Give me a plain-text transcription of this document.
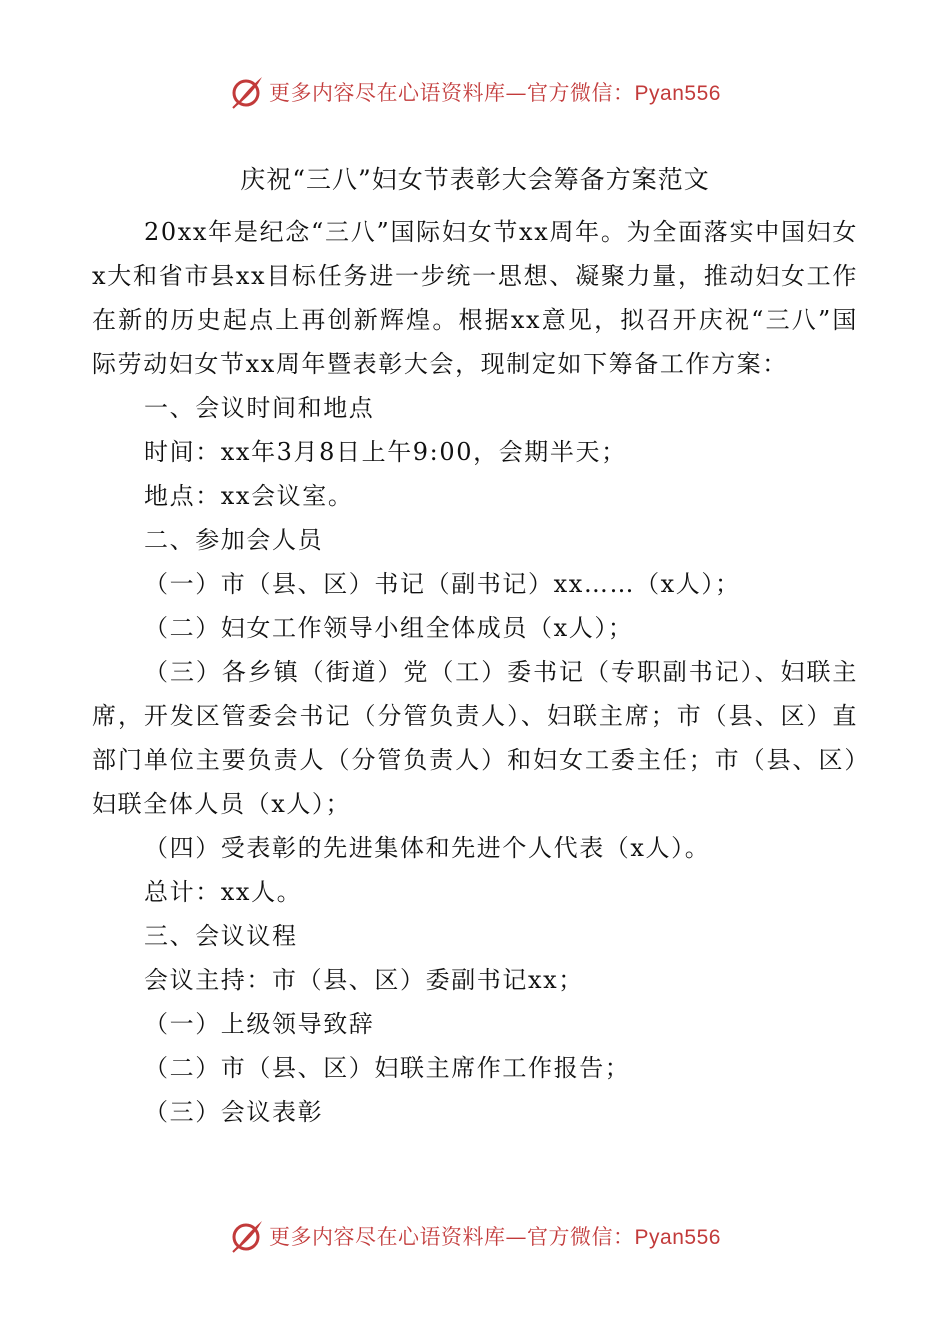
更多内容尽在心语资料库—官方微信：Pyan556
庆祝“三八”妇女节表彰大会筹备方案范文

20xx年是纪念“三八”国际妇女节xx周年。为全面落实中国妇女x大和省市县xx目标任务进一步统一思想、凝聚力量，推动妇女工作在新的历史起点上再创新辉煌。根据xx意见，拟召开庆祝“三八”国际劳动妇女节xx周年暨表彰大会，现制定如下筹备工作方案：

一、会议时间和地点
时间：xx年3月8日上午9:00，会期半天；
地点：xx会议室。
二、参加会人员
（一）市（县、区）书记（副书记）xx……（x人）；
（二）妇女工作领导小组全体成员（x人）；

（三）各乡镇（街道）党（工）委书记（专职副书记）、妇联主席，开发区管委会书记（分管负责人）、妇联主席；市（县、区）直部门单位主要负责人（分管负责人）和妇女工委主任；市（县、区）妇联全体人员（x人）；

（四）受表彰的先进集体和先进个人代表（x人）。
总计：xx人。
三、会议议程
会议主持：市（县、区）委副书记xx；
（一）上级领导致辞
（二）市（县、区）妇联主席作工作报告；
（三）会议表彰
更多内容尽在心语资料库—官方微信：Pyan556
